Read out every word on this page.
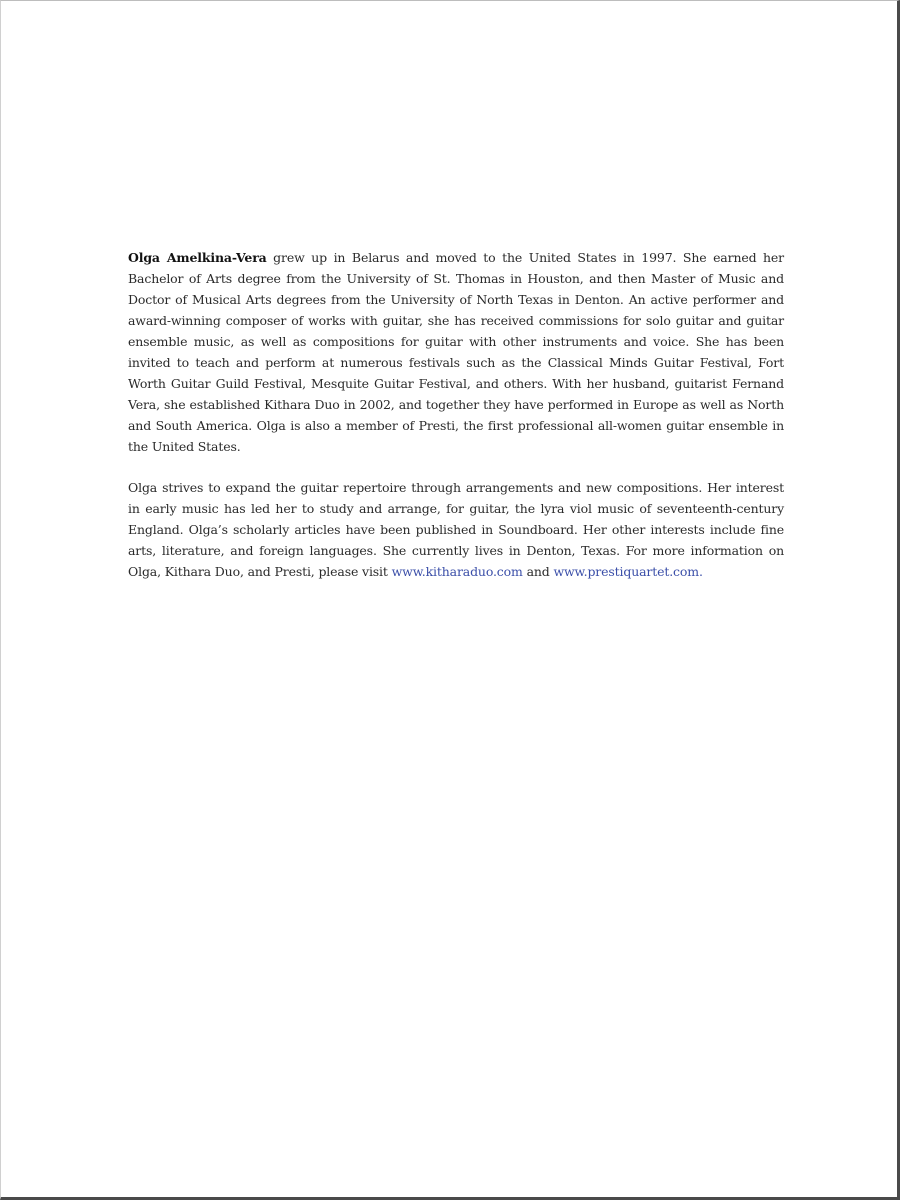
Olga Amelkina-Vera grew up in Belarus and moved to the United States in 1997. She earned her Bachelor of Arts degree from the University of St. Thomas in Houston, and then Master of Music and Doctor of Musical Arts degrees from the University of North Texas in Denton. An active performer and award-winning composer of works with guitar, she has received commissions for solo guitar and guitar ensemble music, as well as compositions for guitar with other instruments and voice. She has been invited to teach and perform at numerous festivals such as the Classical Minds Guitar Festival, Fort Worth Guitar Guild Festival, Mesquite Guitar Festival, and others. With her husband, guitarist Fernand Vera, she established Kithara Duo in 2002, and together they have performed in Europe as well as North and South America. Olga is also a member of Presti, the first professional all-women guitar ensemble in the United States.

Olga strives to expand the guitar repertoire through arrangements and new compositions. Her interest in early music has led her to study and arrange, for guitar, the lyra viol music of seventeenth-century England. Olga’s scholarly articles have been published in Soundboard. Her other interests include fine arts, literature, and foreign languages. She currently lives in Denton, Texas. For more information on Olga, Kithara Duo, and Presti, please visit www.kitharaduo.com and www.prestiquartet.com.
